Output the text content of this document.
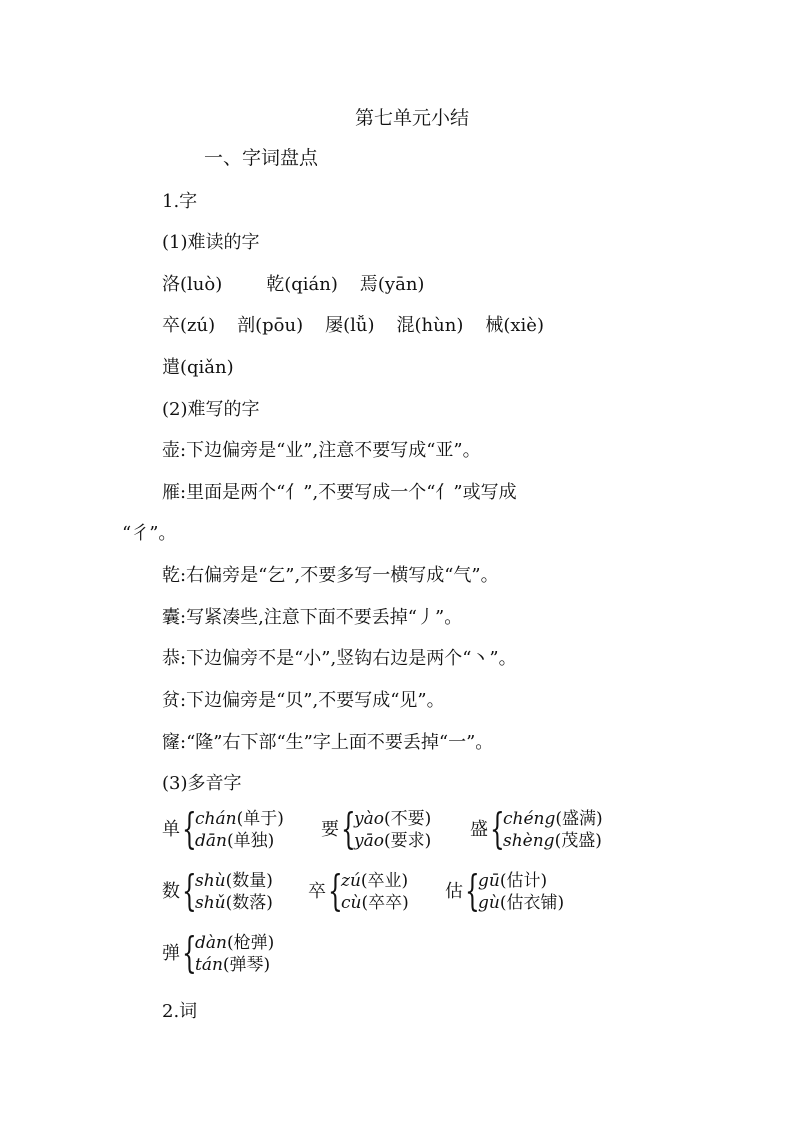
第七单元小结
一、字词盘点
1.字
(1)难读的字
洛(luò) 乾(qián) 焉(yān)
卒(zú) 剖(pōu) 屡(lǚ) 混(hùn) 械(xiè)
遣(qiǎn)
(2)难写的字
壶:下边偏旁是“业”,注意不要写成“亚”。
雁:里面是两个“亻”,不要写成一个“亻”或写成
“彳”。
乾:右偏旁是“乞”,不要多写一横写成“气”。
囊:写紧凑些,注意下面不要丢掉“丿”。
恭:下边偏旁不是“小”,竖钩右边是两个“丶”。
贫:下边偏旁是“贝”,不要写成“见”。
窿:“隆”右下部“生”字上面不要丢掉“一”。
(3)多音字
单 {
chán(单于)
dān(单独)
要 {
yào(不要)
yāo(要求)
盛 {
chéng(盛满)
shèng(茂盛)
数 {
shù(数量)
shǔ(数落)
卒 {
zú(卒业)
cù(卒卒)
估 {
gū(估计)
gù(估衣铺)
弹 {
dàn(枪弹)
tán(弹琴)
2.词
